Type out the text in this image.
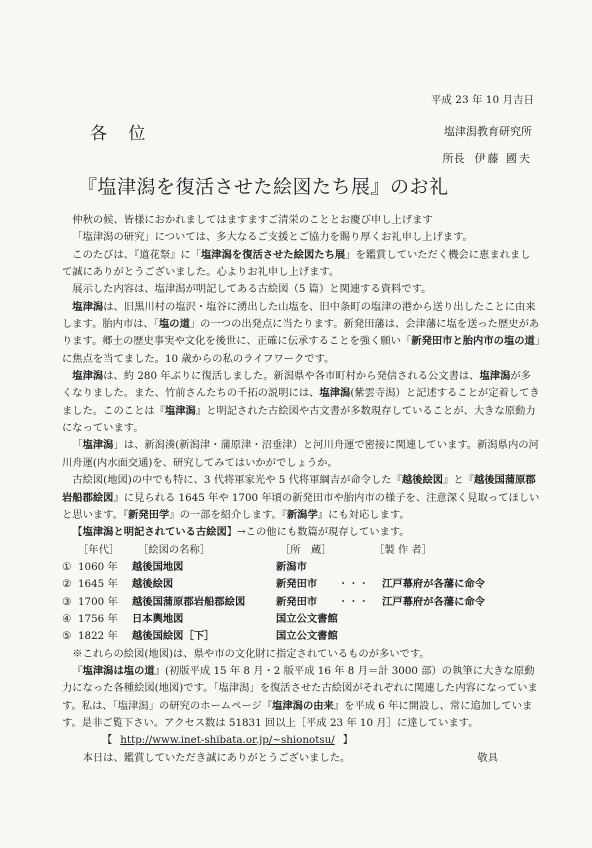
平成 23 年 10 月吉日
各 位	塩津潟教育研究所
所長 伊藤 國夫
『塩津潟を復活させた絵図たち展』のお礼

仲秋の候、皆様におかれましてはますますご清栄のこととお慶び申し上げます

「塩津潟の研究」については、多大なるご支援とご協力を賜り厚くお礼申し上げます。

このたびは、『道花祭』に「塩津潟を復活させた絵図たち展」を鑑賞していただく機会に恵まれまして誠にありがとうございました。心よりお礼申し上げます。

展示した内容は、塩津潟が明記してある古絵図（5 篇）と関連する資料です。

塩津潟は、旧黒川村の塩沢・塩谷に湧出した山塩を、旧中条町の塩津の港から送り出したことに由来します。胎内市は、「塩の道」の一つの出発点に当たります。新発田藩は、会津藩に塩を送った歴史があります。郷土の歴史事実や文化を後世に、正確に伝承することを強く願い「新発田市と胎内市の塩の道」に焦点を当てました。10 歳からの私のライフワークです。

塩津潟は、約 280 年ぶりに復活しました。新潟県や各市町村から発信される公文書は、塩津潟が多くなりました。また、竹前さんたちの千拓の説明には、塩津潟(紫雲寺潟）と記述することが定着してきました。このことは『塩津潟』と明記された古絵図や古文書が多数現存していることが、大きな原動力になっています。

「塩津潟」は、新潟湊(新潟津・蒲原津・沼垂津）と河川舟運で密接に関連しています。新潟県内の河川舟運(内水面交通)を、研究してみてはいかがでしょうか。

古絵図(地図)の中でも特に、3 代将軍家光や 5 代将軍綱吉が命令した『越後絵図』と『越後国蒲原郡岩船郡絵図』に見られる 1645 年や 1700 年頃の新発田市や胎内市の様子を、注意深く見取ってほしいと思います。『新発田学』の一部を紹介します。『新潟学』にも対応します。

【塩津潟と明記されている古絵図】→この他にも数篇が現存しています。

［年代］	［絵図の名称］	［所　蔵］	［製 作 者］
① 1060 年	越後国地図	新潟市
② 1645 年	越後絵図	新発田市	・・・	江戸幕府が各藩に命令
③ 1700 年	越後国蒲原郡岩船郡絵図	新発田市	・・・	江戸幕府が各藩に命令
④ 1756 年	日本輿地図	国立公文書館
⑤ 1822 年	越後国絵図［下］	国立公文書館

※これらの絵図(地図)は、県や市の文化財に指定されているものが多いです。

『塩津潟は塩の道』(初版平成 15 年 8 月・2 版平成 16 年 8 月＝計 3000 部）の執筆に大きな原動力になった各種絵図(地図)です。「塩津潟」を復活させた古絵図がそれぞれに関連した内容になっています。私は、「塩津潟」の研究のホームページ『塩津潟の由来』を平成 6 年に開設し、常に追加しています。是非ご覧下さい。アクセス数は 51831 回以上［平成 23 年 10 月］に達しています。【 http://www.inet-shibata.or.jp/~shionotsu/ 】

本日は、鑑賞していただき誠にありがとうございました。	敬具
